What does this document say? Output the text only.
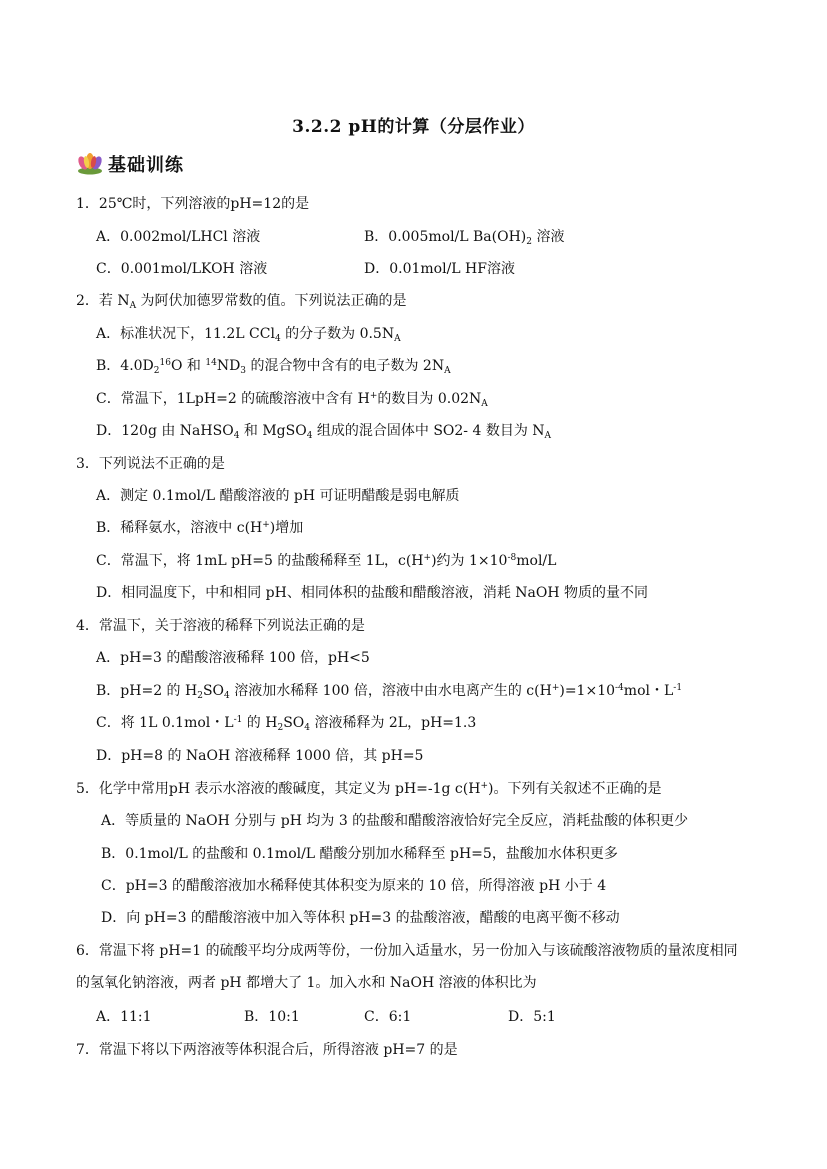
3.2.2 pH的计算（分层作业）
基础训练
1．25℃时，下列溶液的pH=12的是
A．0.002mol/LHCl 溶液	B．0.005mol/L $Ba(OH)_2$ 溶液
C．0.001mol/LKOH 溶液	D．0.01mol/L HF溶液
2．若 $N_A$ 为阿伏加德罗常数的值。下列说法正确的是
A．标准状况下，11.2L CCl$_4$ 的分子数为 $0.5N_A$
B．$4.0D_2^{16}O$ 和 $^{14}ND_3$ 的混合物中含有的电子数为 $2N_A$
C．常温下，1LpH=2 的硫酸溶液中含有 H+的数目为 $0.02N_A$
D．120g 由 NaHSO$_4$ 和 MgSO$_4$ 组成的混合固体中 SO2- 4 数目为 $N_A$
3．下列说法不正确的是
A．测定 0.1mol/L 醋酸溶液的 pH 可证明醋酸是弱电解质
B．稀释氨水，溶液中 c(H+)增加
C．常温下，将 1mL pH=5 的盐酸稀释至 1L，c(H+)约为 $1\times 10^{-8}mol/L$
D．相同温度下，中和相同 pH、相同体积的盐酸和醋酸溶液，消耗 NaOH 物质的量不同
4．常温下，关于溶液的稀释下列说法正确的是
A．pH=3 的醋酸溶液稀释 100 倍，pH<5
B．pH=2 的 $H_2SO_4$ 溶液加水稀释 100 倍，溶液中由水电离产生的 $c(H^+)=1\times 10^{-4}mol$・$L^{-1}$
C．将 1L 0.1mol・$L^{-1}$ 的 $H_2SO_4$ 溶液稀释为 2L，pH=1.3
D．pH=8 的 NaOH 溶液稀释 1000 倍，其 pH=5
5．化学中常用pH 表示水溶液的酸碱度，其定义为 pH=-1g c(H+)。下列有关叙述不正确的是
A．等质量的 NaOH 分别与 pH 均为 3 的盐酸和醋酸溶液恰好完全反应，消耗盐酸的体积更少
B．0.1mol/L 的盐酸和 0.1mol/L 醋酸分别加水稀释至 pH=5，盐酸加水体积更多
C．pH=3 的醋酸溶液加水稀释使其体积变为原来的 10 倍，所得溶液 pH 小于 4
D．向 pH=3 的醋酸溶液中加入等体积 pH=3 的盐酸溶液，醋酸的电离平衡不移动
6．常温下将 pH=1 的硫酸平均分成两等份，一份加入适量水，另一份加入与该硫酸溶液物质的量浓度相同
的氢氧化钠溶液，两者 pH 都增大了 1。加入水和 NaOH 溶液的体积比为
A．11:1	B．10:1	C．6:1	D．5:1
7．常温下将以下两溶液等体积混合后，所得溶液 pH=7 的是
